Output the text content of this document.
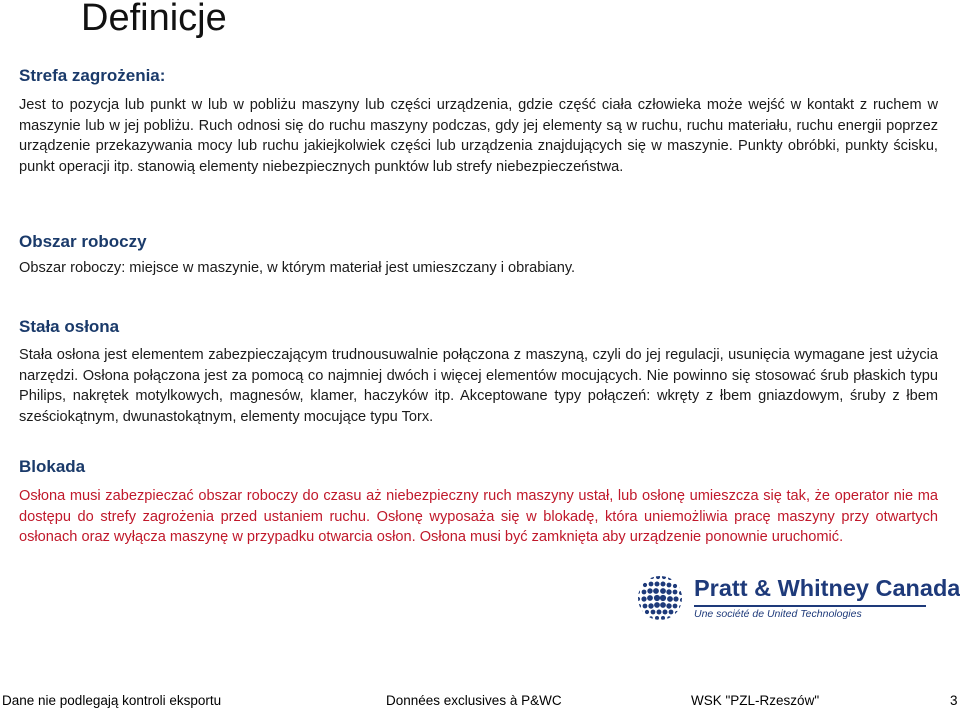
Definicje
Strefa zagrożenia:
Jest to pozycja lub punkt w lub w pobliżu maszyny lub części urządzenia, gdzie część ciała człowieka może wejść w kontakt z ruchem w maszynie lub w jej pobliżu. Ruch odnosi się do ruchu maszyny podczas, gdy jej elementy są w ruchu, ruchu materiału, ruchu energii poprzez urządzenie przekazywania mocy lub ruchu jakiejkolwiek części lub urządzenia znajdujących się w maszynie. Punkty obróbki, punkty ścisku, punkt operacji itp. stanowią elementy niebezpiecznych punktów lub strefy niebezpieczeństwa.
Obszar roboczy
Obszar roboczy: miejsce w maszynie, w którym materiał jest umieszczany i obrabiany.
Stała osłona
Stała osłona jest elementem zabezpieczającym trudnousuwalnie połączona z maszyną, czyli do jej regulacji, usunięcia wymagane jest użycia narzędzi. Osłona połączona jest za pomocą co najmniej dwóch i więcej elementów mocujących. Nie powinno się stosować śrub płaskich typu Philips, nakrętek motylkowych, magnesów, klamer, haczyków itp. Akceptowane typy połączeń: wkręty z łbem gniazdowym, śruby z łbem sześciokątnym, dwunastokątnym, elementy mocujące typu Torx.
Blokada
Osłona musi zabezpieczać obszar roboczy do czasu aż niebezpieczny ruch maszyny ustał, lub osłonę umieszcza się tak, że operator nie ma dostępu do strefy zagrożenia przed ustaniem ruchu. Osłonę wyposaża się w blokadę, która uniemożliwia pracę maszyny przy otwartych osłonach oraz wyłącza maszynę w przypadku otwarcia osłon. Osłona musi być zamknięta aby urządzenie ponownie uruchomić.
Pratt & Whitney Canada
Une société de United Technologies
Dane nie podlegają kontroli eksportu	Données exclusives à P&WC	WSK "PZL-Rzeszów"	3
